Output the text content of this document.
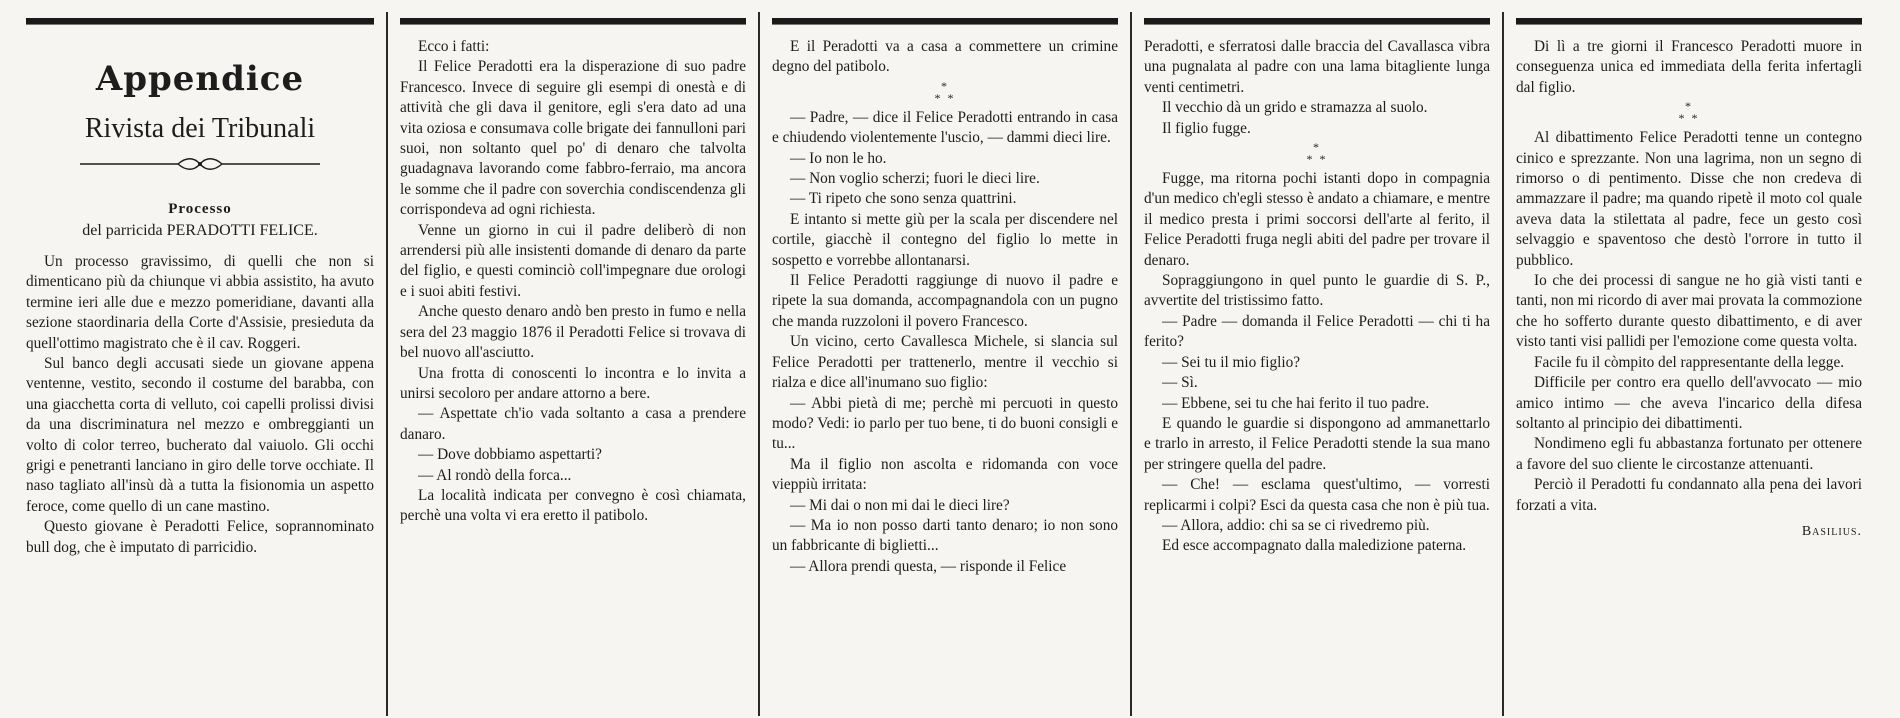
Appendice
Rivista dei Tribunali
Processo
del parricida PERADOTTI FELICE.

Un processo gravissimo, di quelli che non si dimenticano più da chiunque vi abbia assistito, ha avuto termine ieri alle due e mezzo pomeridiane, davanti alla sezione staordinaria della Corte d'Assisie, presieduta da quell'ottimo magistrato che è il cav. Roggeri.

Sul banco degli accusati siede un giovane appena ventenne, vestito, secondo il costume del barabba, con una giacchetta corta di velluto, coi capelli prolissi divisi da una discriminatura nel mezzo e ombreggianti un volto di color terreo, bucherato dal vaiuolo. Gli occhi grigi e penetranti lanciano in giro delle torve occhiate. Il naso tagliato all'insù dà a tutta la fisionomia un aspetto feroce, come quello di un cane mastino.

Questo giovane è Peradotti Felice, soprannominato bull dog, che è imputato di parricidio.

Ecco i fatti:

Il Felice Peradotti era la disperazione di suo padre Francesco. Invece di seguire gli esempi di onestà e di attività che gli dava il genitore, egli s'era dato ad una vita oziosa e consumava colle brigate dei fannulloni pari suoi, non soltanto quel po' di denaro che talvolta guadagnava lavorando come fabbro-ferraio, ma ancora le somme che il padre con soverchia condiscendenza gli corrispondeva ad ogni richiesta.

Venne un giorno in cui il padre deliberò di non arrendersi più alle insistenti domande di denaro da parte del figlio, e questi cominciò coll'impegnare due orologi e i suoi abiti festivi.

Anche questo denaro andò ben presto in fumo e nella sera del 23 maggio 1876 il Peradotti Felice si trovava di bel nuovo all'asciutto.

Una frotta di conoscenti lo incontra e lo invita a unirsi secoloro per andare attorno a bere.

— Aspettate ch'io vada soltanto a casa a prendere danaro.

— Dove dobbiamo aspettarti?

— Al rondò della forca...

La località indicata per convegno è così chiamata, perchè una volta vi era eretto il patibolo.

E il Peradotti va a casa a commettere un crimine degno del patibolo.

*
* *

— Padre, — dice il Felice Peradotti entrando in casa e chiudendo violentemente l'uscio, — dammi dieci lire.

— Io non le ho.

— Non voglio scherzi; fuori le dieci lire.

— Ti ripeto che sono senza quattrini.

E intanto si mette giù per la scala per discendere nel cortile, giacchè il contegno del figlio lo mette in sospetto e vorrebbe allontanarsi.

Il Felice Peradotti raggiunge di nuovo il padre e ripete la sua domanda, accompagnandola con un pugno che manda ruzzoloni il povero Francesco.

Un vicino, certo Cavallesca Michele, si slancia sul Felice Peradotti per trattenerlo, mentre il vecchio si rialza e dice all'inumano suo figlio:

— Abbi pietà di me; perchè mi percuoti in questo modo? Vedi: io parlo per tuo bene, ti do buoni consigli e tu...

Ma il figlio non ascolta e ridomanda con voce vieppiù irritata:

— Mi dai o non mi dai le dieci lire?

— Ma io non posso darti tanto denaro; io non sono un fabbricante di biglietti...

— Allora prendi questa, — risponde il Felice

Peradotti, e sferratosi dalle braccia del Cavallasca vibra una pugnalata al padre con una lama bitagliente lunga venti centimetri.

Il vecchio dà un grido e stramazza al suolo.

Il figlio fugge.

*
* *

Fugge, ma ritorna pochi istanti dopo in compagnia d'un medico ch'egli stesso è andato a chiamare, e mentre il medico presta i primi soccorsi dell'arte al ferito, il Felice Peradotti fruga negli abiti del padre per trovare il denaro.

Sopraggiungono in quel punto le guardie di S. P., avvertite del tristissimo fatto.

— Padre — domanda il Felice Peradotti — chi ti ha ferito?

— Sei tu il mio figlio?

— Sì.

— Ebbene, sei tu che hai ferito il tuo padre.

E quando le guardie si dispongono ad ammanettarlo e trarlo in arresto, il Felice Peradotti stende la sua mano per stringere quella del padre.

— Che! — esclama quest'ultimo, — vorresti replicarmi i colpi? Esci da questa casa che non è più tua.

— Allora, addio: chi sa se ci rivedremo più.

Ed esce accompagnato dalla maledizione paterna.

Di lì a tre giorni il Francesco Peradotti muore in conseguenza unica ed immediata della ferita infertagli dal figlio.

*
* *

Al dibattimento Felice Peradotti tenne un contegno cinico e sprezzante. Non una lagrima, non un segno di rimorso o di pentimento. Disse che non credeva di ammazzare il padre; ma quando ripetè il moto col quale aveva data la stilettata al padre, fece un gesto così selvaggio e spaventoso che destò l'orrore in tutto il pubblico.

Io che dei processi di sangue ne ho già visti tanti e tanti, non mi ricordo di aver mai provata la commozione che ho sofferto durante questo dibattimento, e di aver visto tanti visi pallidi per l'emozione come questa volta.

Facile fu il còmpito del rappresentante della legge.

Difficile per contro era quello dell'avvocato — mio amico intimo — che aveva l'incarico della difesa soltanto al principio dei dibattimenti.

Nondimeno egli fu abbastanza fortunato per ottenere a favore del suo cliente le circostanze attenuanti.

Perciò il Peradotti fu condannato alla pena dei lavori forzati a vita.

Basilius.
